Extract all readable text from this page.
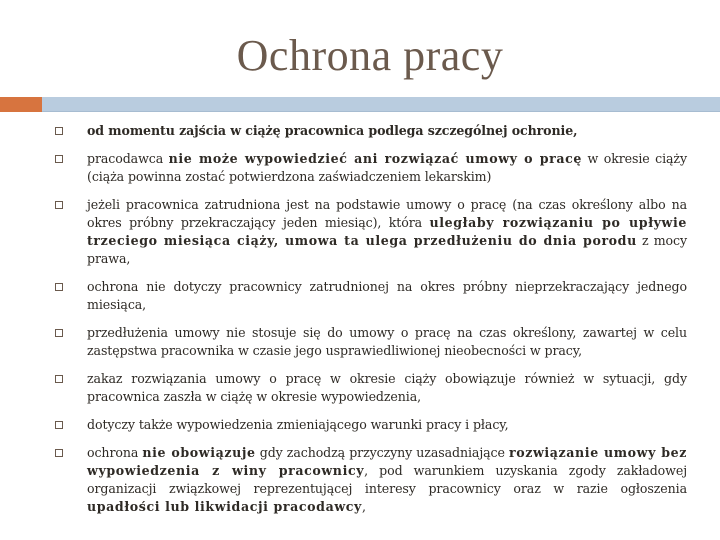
Ochrona pracy
od momentu zajścia w ciążę pracownica podlega szczególnej ochronie,
pracodawca nie może wypowiedzieć ani rozwiązać umowy o pracę w okresie ciąży (ciąża powinna zostać potwierdzona zaświadczeniem lekarskim)
jeżeli pracownica zatrudniona jest na podstawie umowy o pracę (na czas określony albo na okres próbny przekraczający jeden miesiąc), która uległaby rozwiązaniu po upływie trzeciego miesiąca ciąży, umowa ta ulega przedłużeniu do dnia porodu z mocy prawa,
ochrona nie dotyczy pracownicy zatrudnionej na okres próbny nieprzekraczający jednego miesiąca,
przedłużenia umowy nie stosuje się do umowy o pracę na czas określony, zawartej w celu zastępstwa pracownika w czasie jego usprawiedliwionej nieobecności w pracy,
zakaz rozwiązania umowy o pracę w okresie ciąży obowiązuje również w sytuacji, gdy pracownica zaszła w ciążę w okresie wypowiedzenia,
dotyczy także wypowiedzenia zmieniającego warunki pracy i płacy,
ochrona nie obowiązuje gdy zachodzą przyczyny uzasadniające rozwiązanie umowy bez wypowiedzenia z winy pracownicy, pod warunkiem uzyskania zgody zakładowej organizacji związkowej reprezentującej interesy pracownicy oraz w razie ogłoszenia upadłości lub likwidacji pracodawcy,
